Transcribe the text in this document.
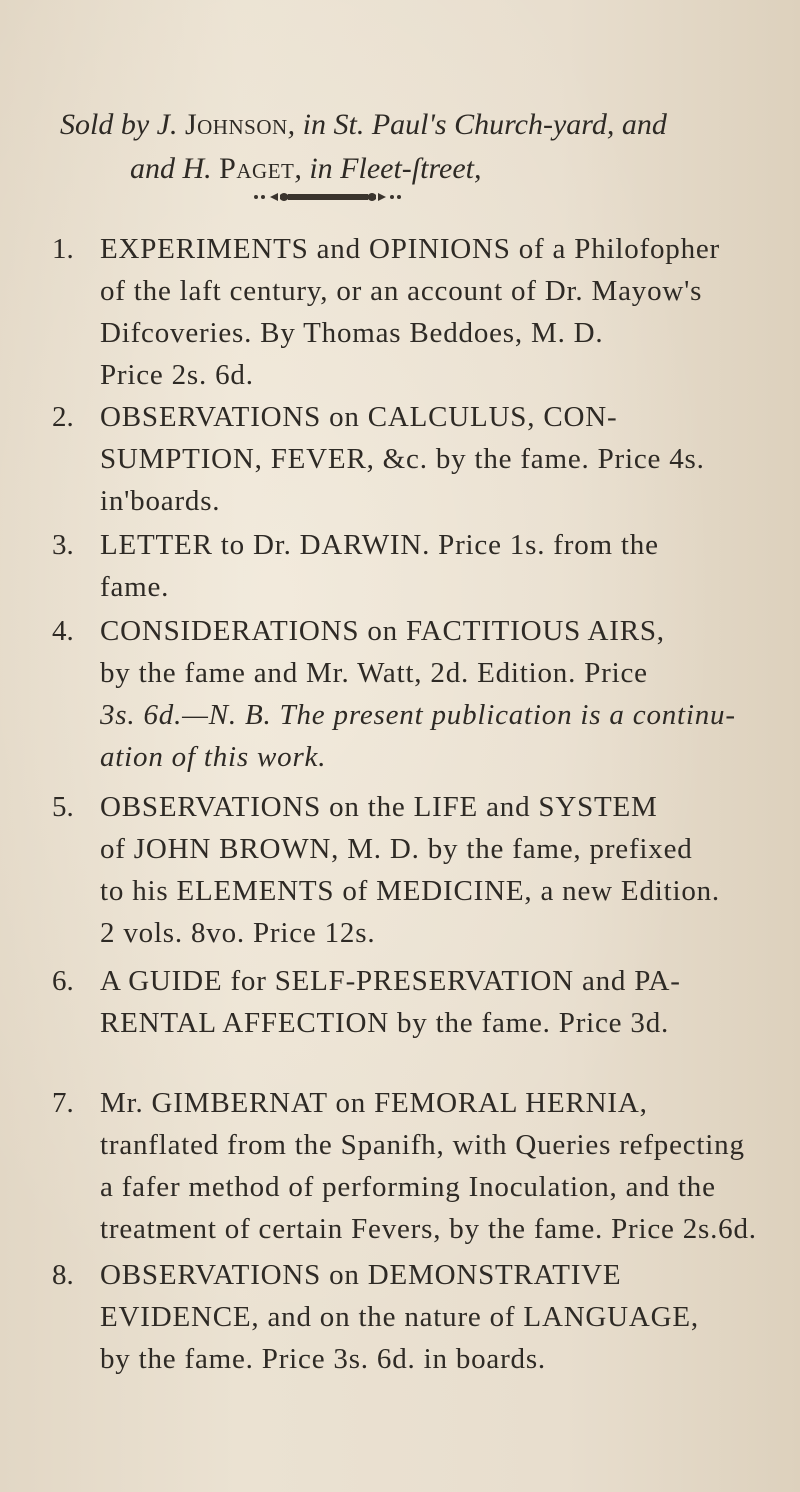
Sold by J. Johnson, in St. Paul's Church-yard, and
and H. Paget, in Fleet-ſtreet,
1. EXPERIMENTS and OPINIONS of a Philofopher
of the laft century, or an account of Dr. Mayow's
Difcoveries. By Thomas Beddoes, M. D.
Price 2s. 6d.
2. OBSERVATIONS on CALCULUS, CON-
SUMPTION, FEVER, &c. by the fame. Price 4s.
in'boards.
3. LETTER to Dr. DARWIN. Price 1s. from the
fame.
4. CONSIDERATIONS on FACTITIOUS AIRS,
by the fame and Mr. Watt, 2d. Edition. Price
3s. 6d.—N. B. The present publication is a continu-
ation of this work.
5. OBSERVATIONS on the LIFE and SYSTEM
of JOHN BROWN, M. D. by the fame, prefixed
to his ELEMENTS of MEDICINE, a new Edition.
2 vols. 8vo. Price 12s.
6. A GUIDE for SELF-PRESERVATION and PA-
RENTAL AFFECTION by the fame. Price 3d.
7. Mr. GIMBERNAT on FEMORAL HERNIA,
tranflated from the Spanifh, with Queries refpecting
a fafer method of performing Inoculation, and the
treatment of certain Fevers, by the fame. Price 2s.6d.
8. OBSERVATIONS on DEMONSTRATIVE
EVIDENCE, and on the nature of LANGUAGE,
by the fame. Price 3s. 6d. in boards.
